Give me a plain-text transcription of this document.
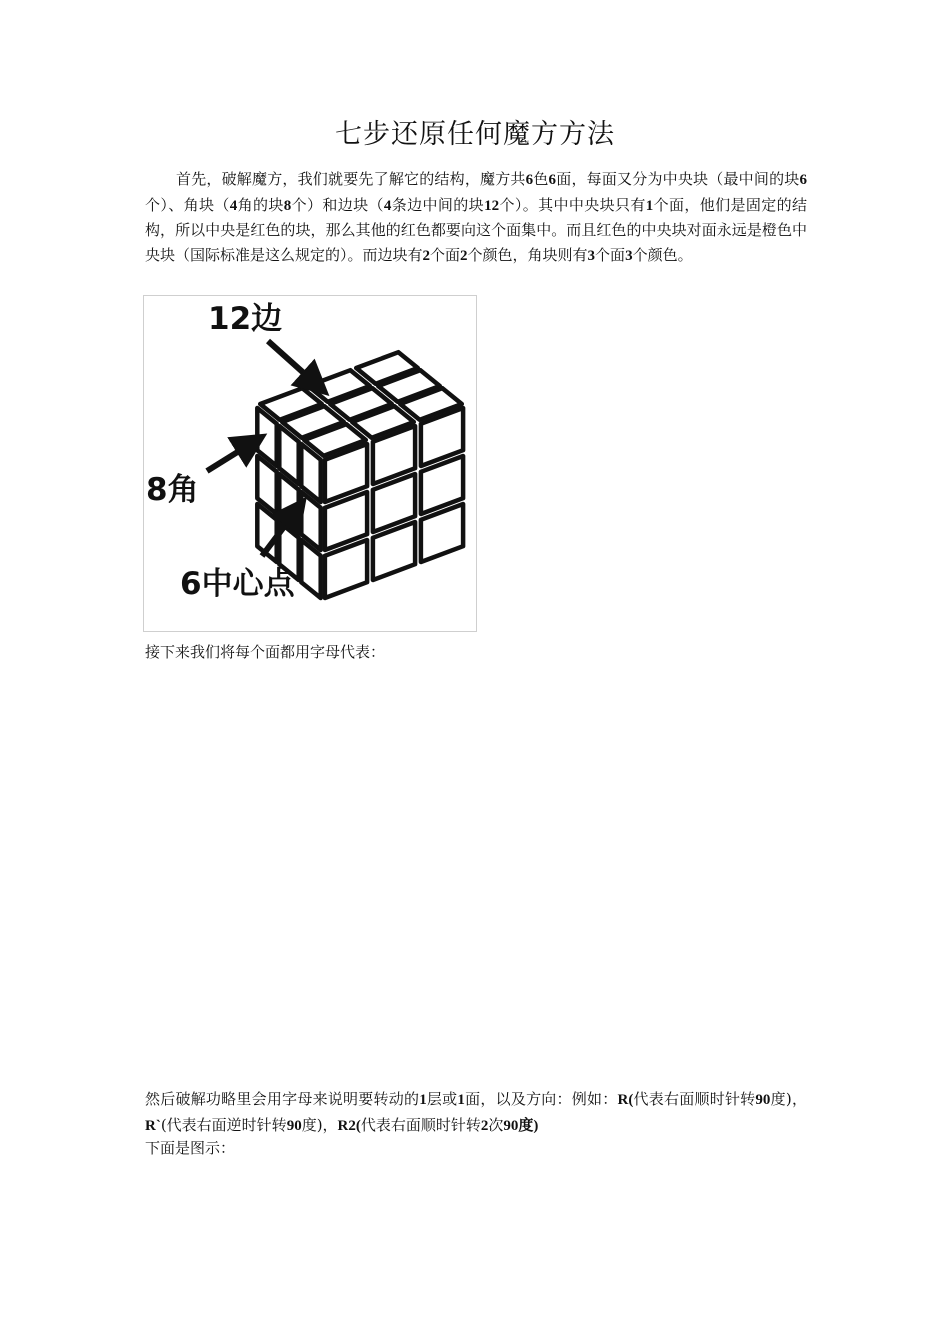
七步还原任何魔方方法
首先，破解魔方，我们就要先了解它的结构，魔方共6色6面，每面又分为中央块（最中间的块6个）、角块（4角的块8个）和边块（4条边中间的块12个）。其中中央块只有1个面，他们是固定的结构，所以中央是红色的块，那么其他的红色都要向这个面集中。而且红色的中央块对面永远是橙色中央块（国际标准是这么规定的）。而边块有2个面2个颜色，角块则有3个面3个颜色。
12边
8角
6中心点
接下来我们将每个面都用字母代表：
然后破解功略里会用字母来说明要转动的1层或1面，以及方向：例如：R(代表右面顺时针转90度)，R`(代表右面逆时针转90度)，R2(代表右面顺时针转2次90度)
下面是图示：
